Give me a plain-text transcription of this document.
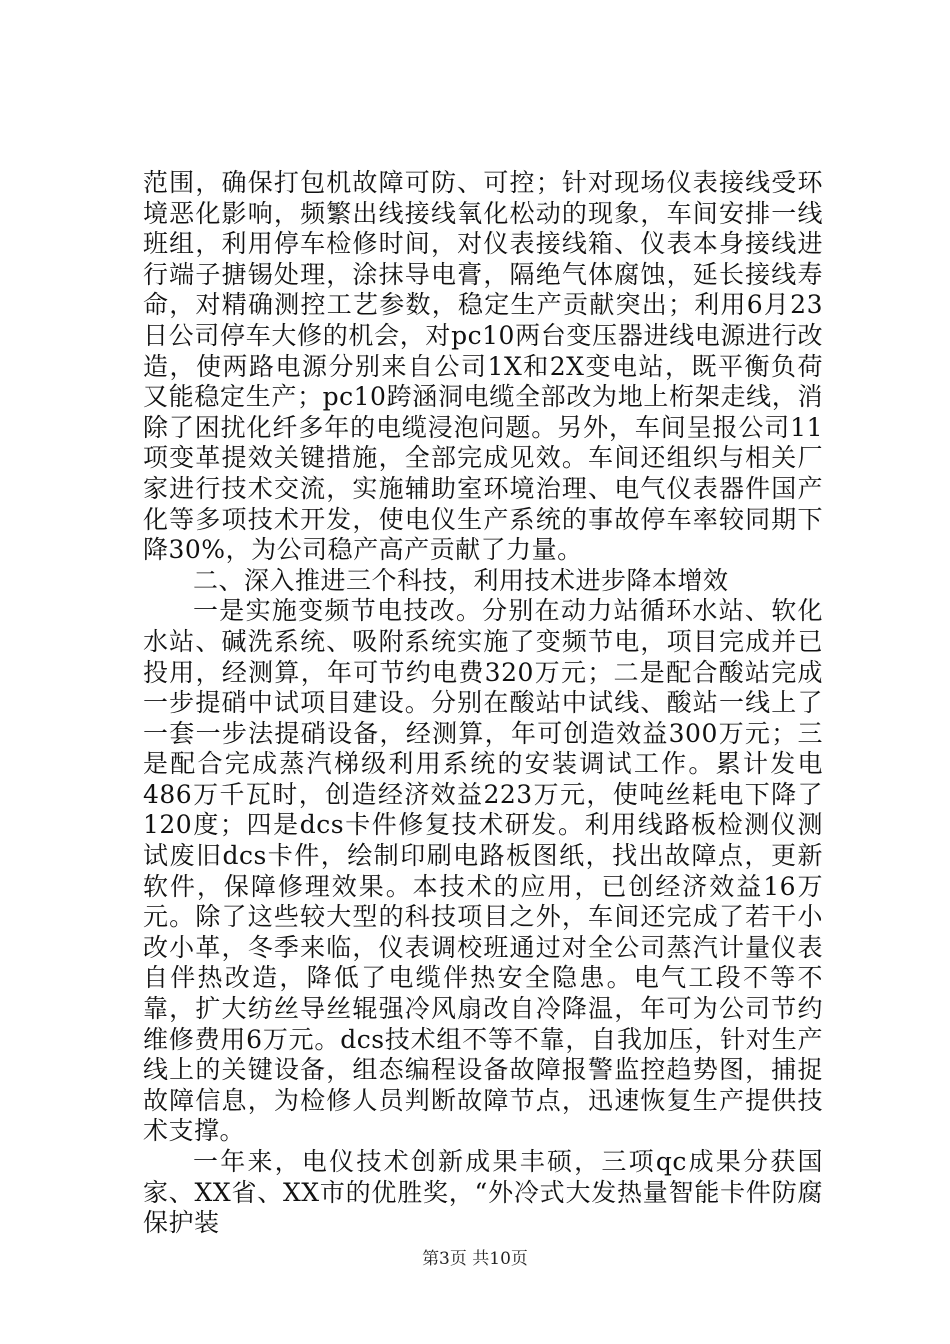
范围，确保打包机故障可防、可控；针对现场仪表接线受环境恶化影响，频繁出线接线氧化松动的现象，车间安排一线班组，利用停车检修时间，对仪表接线箱、仪表本身接线进行端子搪锡处理，涂抹导电膏，隔绝气体腐蚀，延长接线寿命，对精确测控工艺参数，稳定生产贡献突出；利用6月23日公司停车大修的机会，对pc10两台变压器进线电源进行改造，使两路电源分别来自公司1X和2X变电站，既平衡负荷又能稳定生产；pc10跨涵洞电缆全部改为地上桁架走线，消除了困扰化纤多年的电缆浸泡问题。另外，车间呈报公司11项变革提效关键措施，全部完成见效。车间还组织与相关厂家进行技术交流，实施辅助室环境治理、电气仪表器件国产化等多项技术开发，使电仪生产系统的事故停车率较同期下降30%，为公司稳产高产贡献了力量。

二、深入推进三个科技，利用技术进步降本增效

一是实施变频节电技改。分别在动力站循环水站、软化水站、碱洗系统、吸附系统实施了变频节电，项目完成并已投用，经测算，年可节约电费320万元；二是配合酸站完成一步提硝中试项目建设。分别在酸站中试线、酸站一线上了一套一步法提硝设备，经测算，年可创造效益300万元；三是配合完成蒸汽梯级利用系统的安装调试工作。累计发电486万千瓦时，创造经济效益223万元，使吨丝耗电下降了120度；四是dcs卡件修复技术研发。利用线路板检测仪测试废旧dcs卡件，绘制印刷电路板图纸，找出故障点，更新软件，保障修理效果。本技术的应用，已创经济效益16万元。除了这些较大型的科技项目之外，车间还完成了若干小改小革，冬季来临，仪表调校班通过对全公司蒸汽计量仪表自伴热改造，降低了电缆伴热安全隐患。电气工段不等不靠，扩大纺丝导丝辊强冷风扇改自冷降温，年可为公司节约维修费用6万元。dcs技术组不等不靠，自我加压，针对生产线上的关键设备，组态编程设备故障报警监控趋势图，捕捉故障信息，为检修人员判断故障节点，迅速恢复生产提供技术支撑。

一年来，电仪技术创新成果丰硕，三项qc成果分获国家、XX省、XX市的优胜奖，“外冷式大发热量智能卡件防腐保护装

第3页 共10页
